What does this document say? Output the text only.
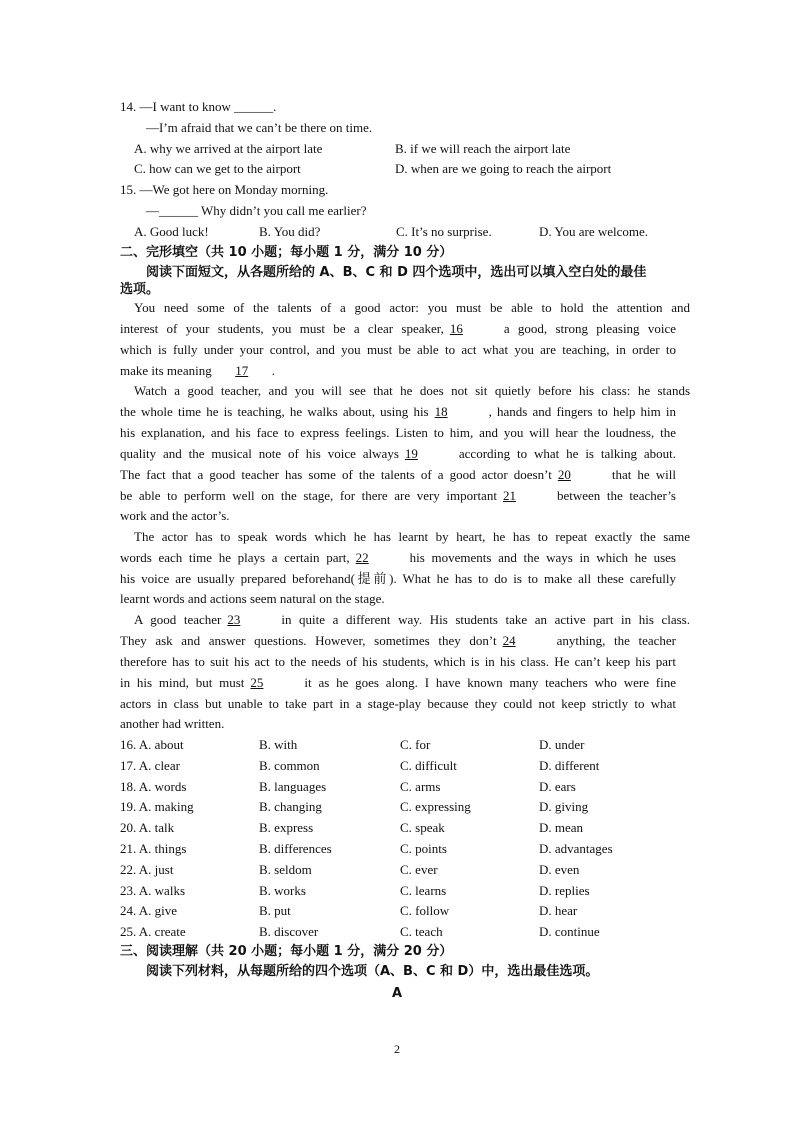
14. —I want to know ______.
—I’m afraid that we can’t be there on time.
A. why we arrived at the airport late	B. if we will reach the airport late
C. how can we get to the airport	D. when are we going to reach the airport
15. —We got here on Monday morning.
—______ Why didn’t you call me earlier?
A. Good luck!	B. You did?	C. It’s no surprise.	D. You are welcome.
二、完形填空（共 10 小题；每小题 1 分，满分 10 分）
阅读下面短文，从各题所给的 A、B、C 和 D 四个选项中，选出可以填入空白处的最佳
选项。
You need some of the talents of a good actor: you must be able to hold the attention and
interest of your students, you must be a clear speaker, 16	a good, strong pleasing voice
which is fully under your control, and you must be able to act what you are teaching, in order to
make its meaning 17 .
Watch a good teacher, and you will see that he does not sit quietly before his class: he stands
the whole time he is teaching, he walks about, using his 18	, hands and fingers to help him in
his explanation, and his face to express feelings. Listen to him, and you will hear the loudness, the
quality and the musical note of his voice always 19	according to what he is talking about.
The fact that a good teacher has some of the talents of a good actor doesn’t 20	that he will
be able to perform well on the stage, for there are very important 21	between the teacher’s
work and the actor’s.
The actor has to speak words which he has learnt by heart, he has to repeat exactly the same
words each time he plays a certain part, 22	his movements and the ways in which he uses
his voice are usually prepared beforehand(提前). What he has to do is to make all these carefully
learnt words and actions seem natural on the stage.
A good teacher 23	in quite a different way. His students take an active part in his class.
They ask and answer questions. However, sometimes they don’t 24	anything, the teacher
therefore has to suit his act to the needs of his students, which is in his class. He can’t keep his part
in his mind, but must 25	it as he goes along. I have known many teachers who were fine
actors in class but unable to take part in a stage-play because they could not keep strictly to what
another had written.
16. A. about	B. with	C. for	D. under
17. A. clear	B. common	C. difficult	D. different
18. A. words	B. languages	C. arms	D. ears
19. A. making	B. changing	C. expressing	D. giving
20. A. talk	B. express	C. speak	D. mean
21. A. things	B. differences	C. points	D. advantages
22. A. just	B. seldom	C. ever	D. even
23. A. walks	B. works	C. learns	D. replies
24. A. give	B. put	C. follow	D. hear
25. A. create	B. discover	C. teach	D. continue
三、阅读理解（共 20 小题；每小题 1 分，满分 20 分）
阅读下列材料，从每题所给的四个选项（A、B、C 和 D）中，选出最佳选项。
A
2
